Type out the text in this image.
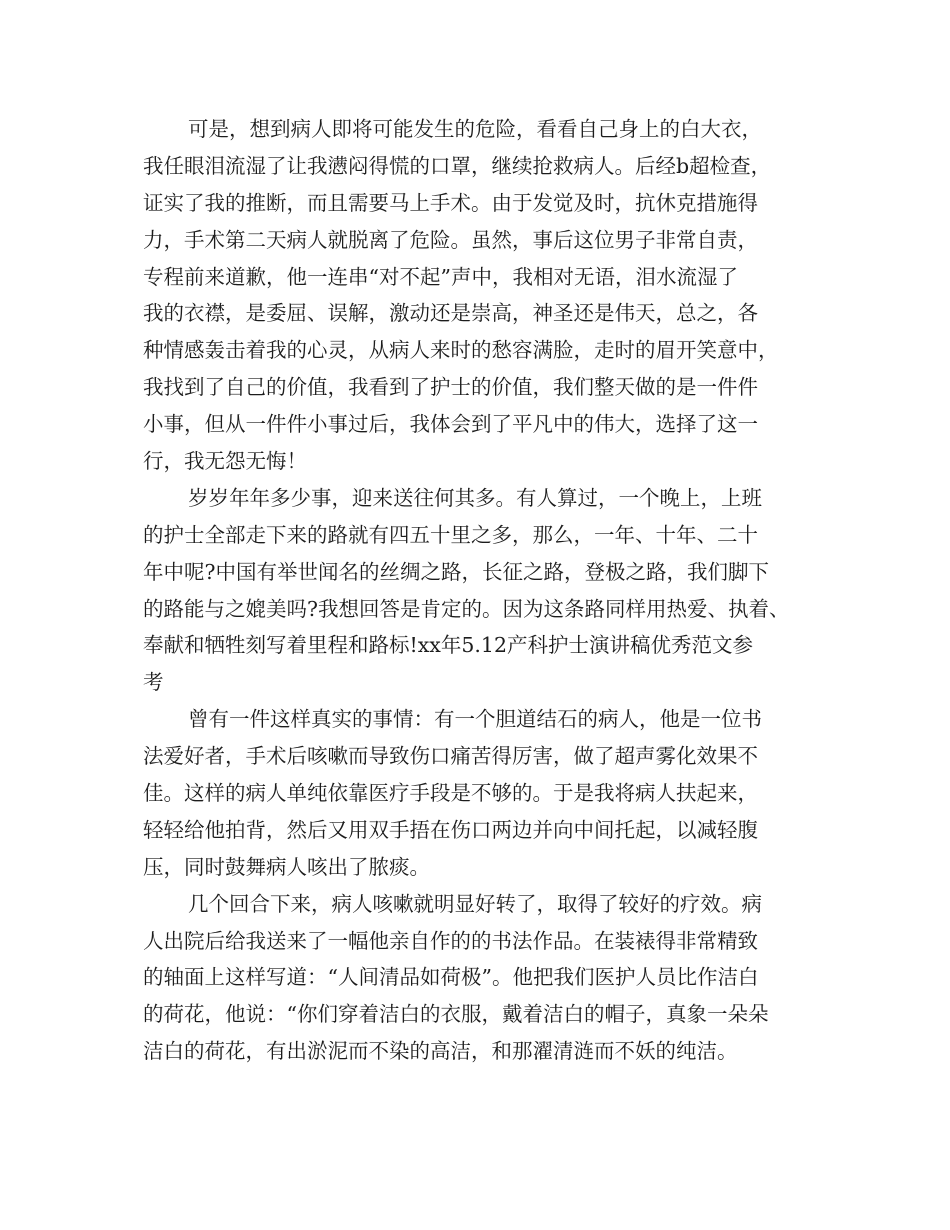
可是，想到病人即将可能发生的危险，看看自己身上的白大衣，
我任眼泪流湿了让我懑闷得慌的口罩，继续抢救病人。后经b超检查，
证实了我的推断，而且需要马上手术。由于发觉及时，抗休克措施得
力，手术第二天病人就脱离了危险。虽然，事后这位男子非常自责，
专程前来道歉，他一连串“对不起”声中，我相对无语，泪水流湿了
我的衣襟，是委屈、误解，激动还是崇高，神圣还是伟天，总之，各
种情感轰击着我的心灵，从病人来时的愁容满脸，走时的眉开笑意中，
我找到了自己的价值，我看到了护士的价值，我们整天做的是一件件
小事，但从一件件小事过后，我体会到了平凡中的伟大，选择了这一
行，我无怨无悔！
岁岁年年多少事，迎来送往何其多。有人算过，一个晚上，上班
的护士全部走下来的路就有四五十里之多，那么，一年、十年、二十
年中呢?中国有举世闻名的丝绸之路，长征之路，登极之路，我们脚下
的路能与之媲美吗?我想回答是肯定的。因为这条路同样用热爱、执着、
奉献和牺牲刻写着里程和路标!xx年5.12产科护士演讲稿优秀范文参
考
曾有一件这样真实的事情：有一个胆道结石的病人，他是一位书
法爱好者，手术后咳嗽而导致伤口痛苦得厉害，做了超声雾化效果不
佳。这样的病人单纯依靠医疗手段是不够的。于是我将病人扶起来，
轻轻给他拍背，然后又用双手捂在伤口两边并向中间托起，以减轻腹
压，同时鼓舞病人咳出了脓痰。
几个回合下来，病人咳嗽就明显好转了，取得了较好的疗效。病
人出院后给我送来了一幅他亲自作的的书法作品。在装裱得非常精致
的轴面上这样写道：“人间清品如荷极”。他把我们医护人员比作洁白
的荷花，他说：“你们穿着洁白的衣服，戴着洁白的帽子，真象一朵朵
洁白的荷花，有出淤泥而不染的高洁，和那濯清涟而不妖的纯洁。
